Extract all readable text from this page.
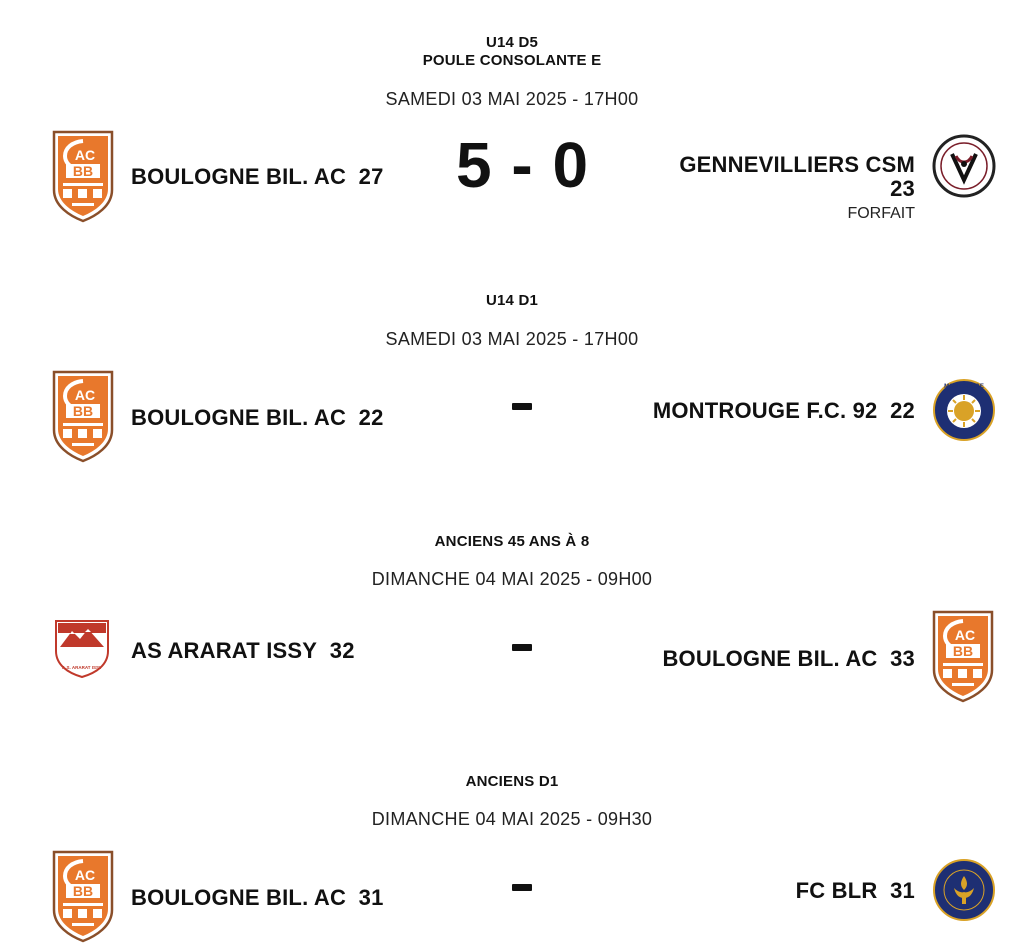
U14 D5
POULE CONSOLANTE E
SAMEDI 03 MAI 2025 - 17H00
AC
BB BOULOGNE BIL. AC 27	5 - 0	GENNEVILLIERS CSM
23
FORFAIT
U14 D1
SAMEDI 03 MAI 2025 - 17H00
AC
BB BOULOGNE BIL. AC 22	MONTROUGE F.C. 92 22
MONTROUGE
ANCIENS 45 ANS À 8
DIMANCHE 04 MAI 2025 - 09H00
A.S. ARARAT ISSY
AS ARARAT ISSY 32	BOULOGNE BIL. AC 33
AC
BB
ANCIENS D1
DIMANCHE 04 MAI 2025 - 09H30
AC
BB BOULOGNE BIL. AC 31	FC BLR 31
